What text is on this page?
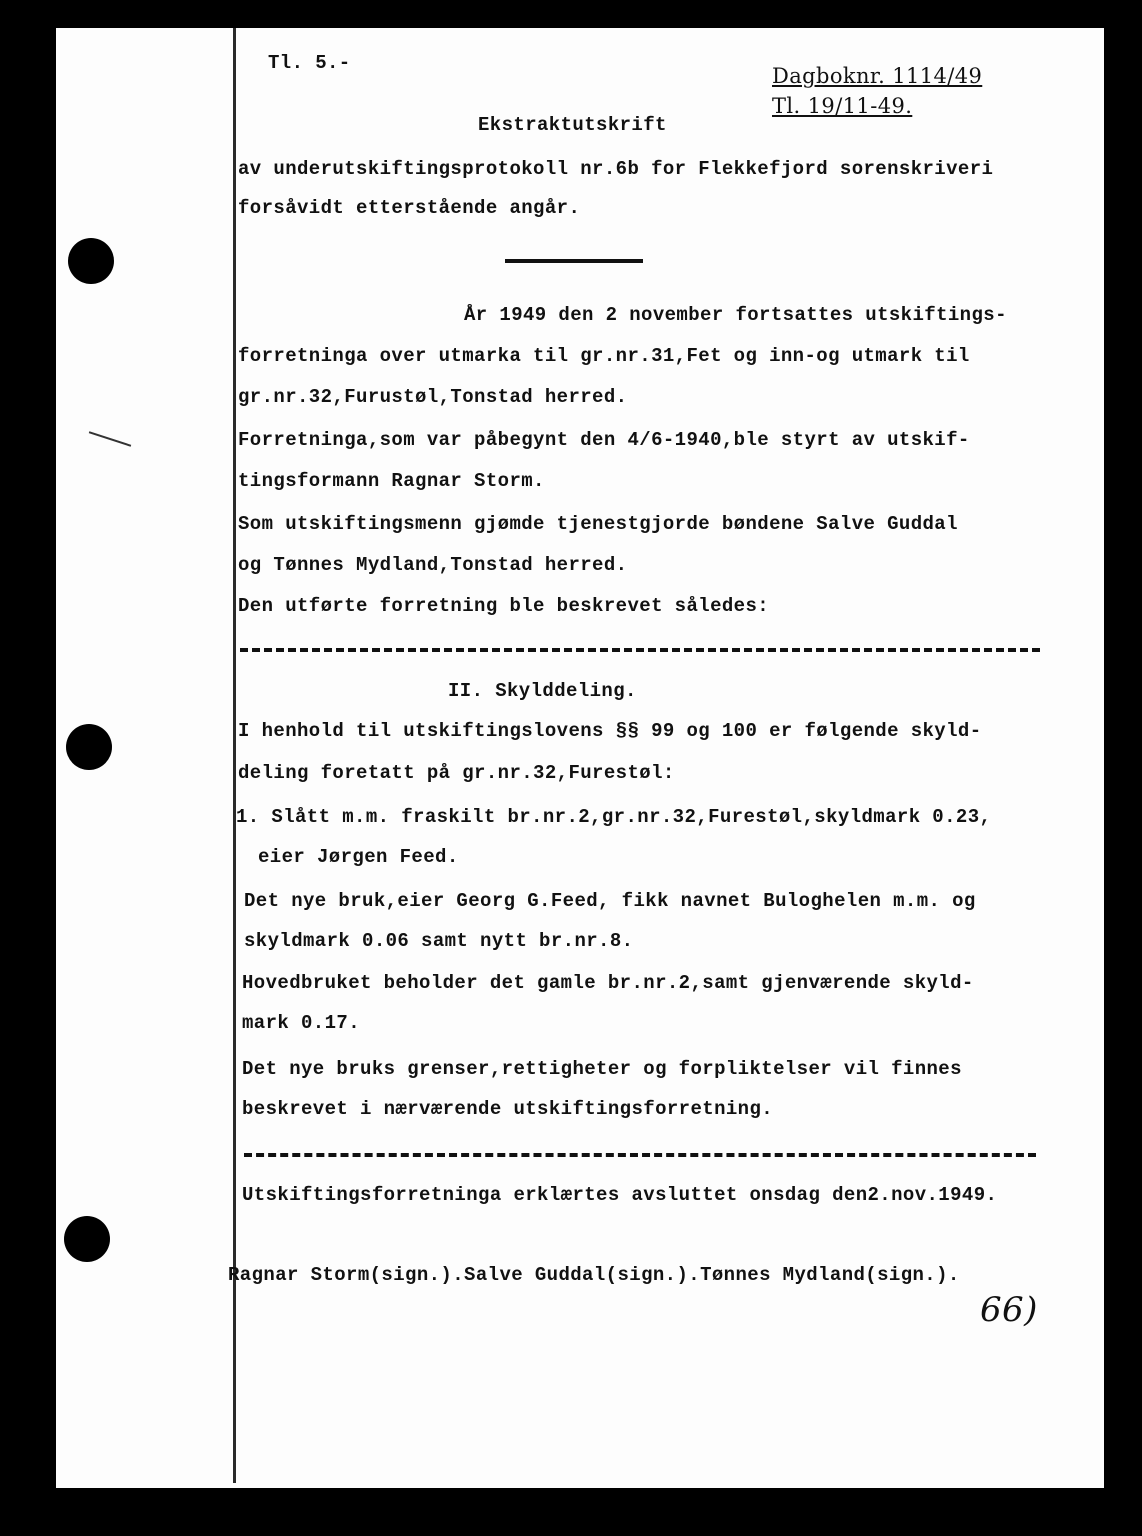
Tl. 5.-
Dagboknr. 1114/49
Tl. 19/11-49.
Ekstraktutskrift
av underutskiftingsprotokoll nr.6b for Flekkefjord sorenskriveri
forsåvidt etterstående angår.
År 1949 den 2 november fortsattes utskiftings-
forretninga over utmarka til gr.nr.31,Fet og inn-og utmark til
gr.nr.32,Furustøl,Tonstad herred.
Forretninga,som var påbegynt den 4/6-1940,ble styrt av utskif-
tingsformann Ragnar Storm.
Som utskiftingsmenn gjømde tjenestgjorde bøndene Salve Guddal
og Tønnes Mydland,Tonstad herred.
Den utførte forretning ble beskrevet således:
II. Skylddeling.
I henhold til utskiftingslovens §§ 99 og 100 er følgende skyld-
deling foretatt på gr.nr.32,Furestøl:
1. Slått m.m. fraskilt br.nr.2,gr.nr.32,Furestøl,skyldmark 0.23,
eier Jørgen Feed.
Det nye bruk,eier Georg G.Feed, fikk navnet Buloghelen m.m. og
skyldmark 0.06 samt nytt br.nr.8.
Hovedbruket beholder det gamle br.nr.2,samt gjenværende skyld-
mark 0.17.
Det nye bruks grenser,rettigheter og forpliktelser vil finnes
beskrevet i nærværende utskiftingsforretning.
Utskiftingsforretninga erklærtes avsluttet onsdag den2.nov.1949.
Ragnar Storm(sign.).Salve Guddal(sign.).Tønnes Mydland(sign.).
66)
